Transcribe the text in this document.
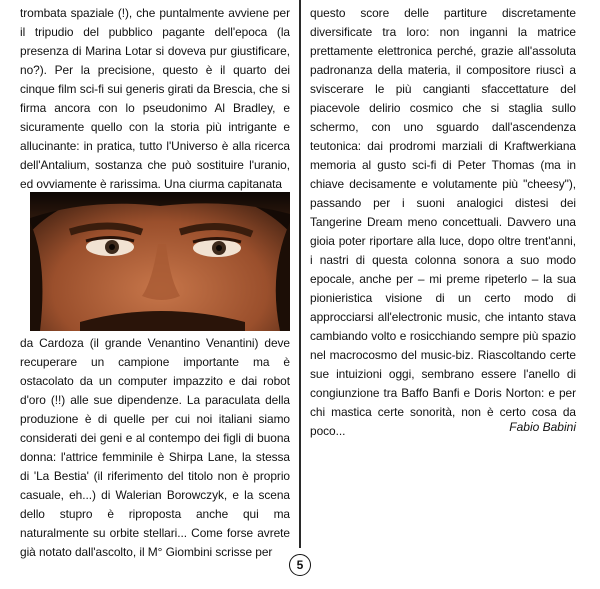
trombata spaziale (!), che puntalmente avviene per il tripudio del pubblico pagante dell'epoca (la presenza di Marina Lotar si doveva pur giustificare, no?). Per la precisione, questo è il quarto dei cinque film sci-fi sui generis girati da Brescia, che si firma ancora con lo pseudonimo Al Bradley, e sicuramente quello con la storia più intrigante e allucinante: in pratica, tutto l'Universo è alla ricerca dell'Antalium, sostanza che può sostituire l'uranio, ed ovviamente è rarissima. Una ciurma capitanata

da Cardoza (il grande Venantino Venantini) deve recuperare un campione importante ma è ostacolato da un computer impazzito e dai robot d'oro (!!) alle sue dipendenze. La paraculata della produzione è di quelle per cui noi italiani siamo considerati dei geni e al contempo dei figli di buona donna: l'attrice femminile è Shirpa Lane, la stessa di 'La Bestia' (il riferimento del titolo non è proprio casuale, eh...) di Walerian Borowczyk, e la scena dello stupro è riproposta anche qui ma naturalmente su orbite stellari... Come forse avrete già notato dall'ascolto, il M° Giombini scrisse per

questo score delle partiture discretamente diversificate tra loro: non inganni la matrice prettamente elettronica perché, grazie all'assoluta padronanza della materia, il compositore riuscì a sviscerare le più cangianti sfaccettature del piacevole delirio cosmico che si staglia sullo schermo, con uno sguardo dall'ascendenza teutonica: dai prodromi marziali di Kraftwerkiana memoria al gusto sci-fi di Peter Thomas (ma in chiave decisamente e volutamente più "cheesy"), passando per i suoni analogici distesi dei Tangerine Dream meno concettuali. Davvero una gioia poter riportare alla luce, dopo oltre trent'anni, i nastri di questa colonna sonora a suo modo epocale, anche per – mi preme ripeterlo – la sua pionieristica visione di un certo modo di approcciarsi all'electronic music, che intanto stava cambiando volto e rosicchiando sempre più spazio nel macrocosmo del music-biz. Riascoltando certe sue intuizioni oggi, sembrano essere l'anello di congiunzione tra Baffo Banfi e Doris Norton: e per chi mastica certe sonorità, non è certo cosa da poco...	Fabio Babini
5
